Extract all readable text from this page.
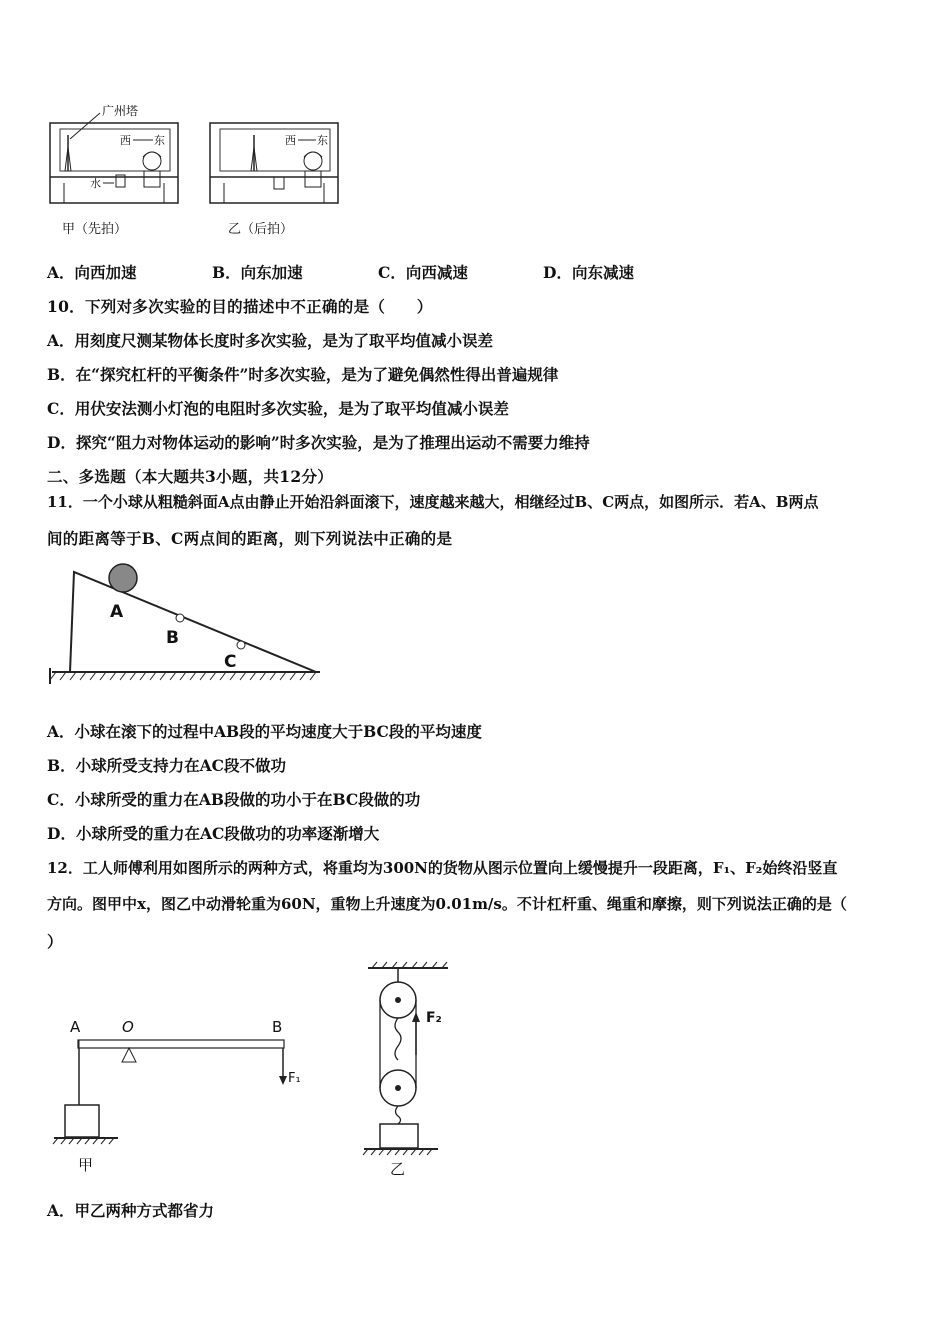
广州塔
西 东
水
甲（先拍）
西 东
乙（后拍）
A．向西加速	B．向东加速	C．向西减速	D．向东减速
10．下列对多次实验的目的描述中不正确的是（　　）
A．用刻度尺测某物体长度时多次实验，是为了取平均值减小误差
B．在“探究杠杆的平衡条件”时多次实验，是为了避免偶然性得出普遍规律
C．用伏安法测小灯泡的电阻时多次实验，是为了取平均值减小误差
D．探究“阻力对物体运动的影响”时多次实验，是为了推理出运动不需要力维持
二、多选题（本大题共3小题，共12分）
11．一个小球从粗糙斜面A点由静止开始沿斜面滚下，速度越来越大，相继经过B、C两点，如图所示．若A、B两点
间的距离等于B、C两点间的距离，则下列说法中正确的是
A
B
C
A．小球在滚下的过程中AB段的平均速度大于BC段的平均速度
B．小球所受支持力在AC段不做功
C．小球所受的重力在AB段做的功小于在BC段做的功
D．小球所受的重力在AC段做功的功率逐渐增大
12．工人师傅利用如图所示的两种方式，将重均为300N的货物从图示位置向上缓慢提升一段距离，F₁、F₂始终沿竖直
方向。图甲中x，图乙中动滑轮重为60N，重物上升速度为0.01m/s。不计杠杆重、绳重和摩擦，则下列说法正确的是（
）
A	O	B
F₁
甲
F₂
乙
A．甲乙两种方式都省力
